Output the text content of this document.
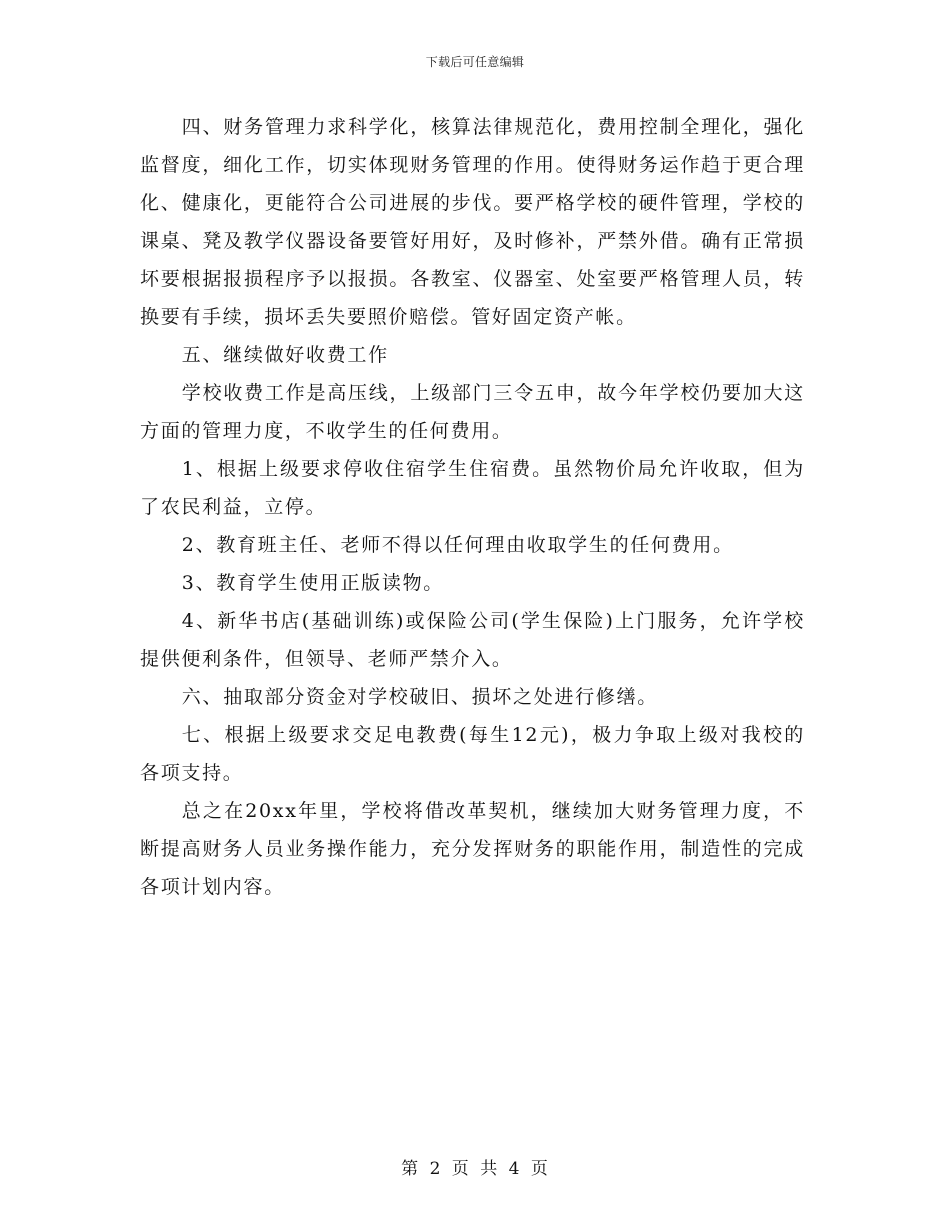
下载后可任意编辑

四、财务管理力求科学化，核算法律规范化，费用控制全理化，强化监督度，细化工作，切实体现财务管理的作用。使得财务运作趋于更合理化、健康化，更能符合公司进展的步伐。要严格学校的硬件管理，学校的课桌、凳及教学仪器设备要管好用好，及时修补，严禁外借。确有正常损坏要根据报损程序予以报损。各教室、仪器室、处室要严格管理人员，转换要有手续，损坏丢失要照价赔偿。管好固定资产帐。

五、继续做好收费工作

学校收费工作是高压线，上级部门三令五申，故今年学校仍要加大这方面的管理力度，不收学生的任何费用。

1、根据上级要求停收住宿学生住宿费。虽然物价局允许收取，但为了农民利益，立停。

2、教育班主任、老师不得以任何理由收取学生的任何费用。

3、教育学生使用正版读物。

4、新华书店(基础训练)或保险公司(学生保险)上门服务，允许学校提供便利条件，但领导、老师严禁介入。

六、抽取部分资金对学校破旧、损坏之处进行修缮。

七、根据上级要求交足电教费(每生12元)，极力争取上级对我校的各项支持。

总之在20xx年里，学校将借改革契机，继续加大财务管理力度，不断提高财务人员业务操作能力，充分发挥财务的职能作用，制造性的完成各项计划内容。

第 2 页 共 4 页
